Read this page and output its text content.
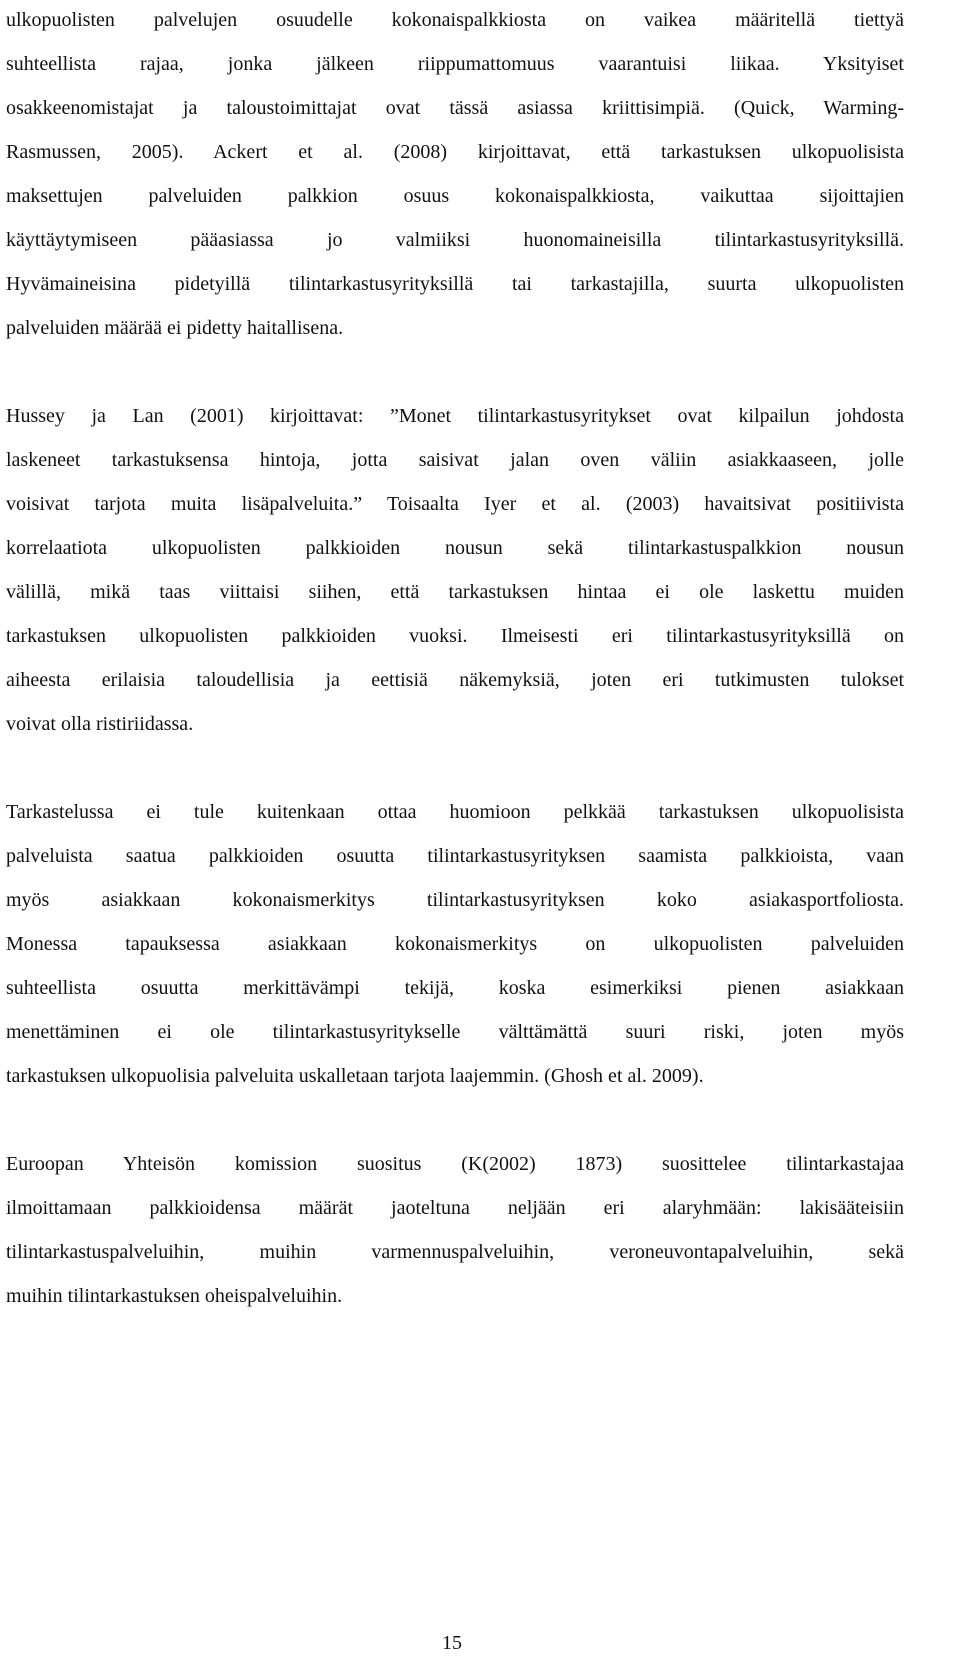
ulkopuolisten palvelujen osuudelle kokonaispalkkiosta on vaikea määritellä tiettyä
suhteellista rajaa, jonka jälkeen riippumattomuus vaarantuisi liikaa. Yksityiset
osakkeenomistajat ja taloustoimittajat ovat tässä asiassa kriittisimpiä. (Quick, Warming-
Rasmussen, 2005). Ackert et al. (2008) kirjoittavat, että tarkastuksen ulkopuolisista
maksettujen palveluiden palkkion osuus kokonaispalkkiosta, vaikuttaa sijoittajien
käyttäytymiseen pääasiassa jo valmiiksi huonomaineisilla tilintarkastusyrityksillä.
Hyvämaineisina pidetyillä tilintarkastusyrityksillä tai tarkastajilla, suurta ulkopuolisten
palveluiden määrää ei pidetty haitallisena.

Hussey ja Lan (2001) kirjoittavat: ”Monet tilintarkastusyritykset ovat kilpailun johdosta
laskeneet tarkastuksensa hintoja, jotta saisivat jalan oven väliin asiakkaaseen, jolle
voisivat tarjota muita lisäpalveluita.” Toisaalta Iyer et al. (2003) havaitsivat positiivista
korrelaatiota ulkopuolisten palkkioiden nousun sekä tilintarkastuspalkkion nousun
välillä, mikä taas viittaisi siihen, että tarkastuksen hintaa ei ole laskettu muiden
tarkastuksen ulkopuolisten palkkioiden vuoksi. Ilmeisesti eri tilintarkastusyrityksillä on
aiheesta erilaisia taloudellisia ja eettisiä näkemyksiä, joten eri tutkimusten tulokset
voivat olla ristiriidassa.

Tarkastelussa ei tule kuitenkaan ottaa huomioon pelkkää tarkastuksen ulkopuolisista
palveluista saatua palkkioiden osuutta tilintarkastusyrityksen saamista palkkioista, vaan
myös asiakkaan kokonaismerkitys tilintarkastusyrityksen koko asiakasportfoliosta.
Monessa tapauksessa asiakkaan kokonaismerkitys on ulkopuolisten palveluiden
suhteellista osuutta merkittävämpi tekijä, koska esimerkiksi pienen asiakkaan
menettäminen ei ole tilintarkastusyritykselle välttämättä suuri riski, joten myös
tarkastuksen ulkopuolisia palveluita uskalletaan tarjota laajemmin. (Ghosh et al. 2009).

Euroopan Yhteisön komission suositus (K(2002) 1873) suosittelee tilintarkastajaa
ilmoittamaan palkkioidensa määrät jaoteltuna neljään eri alaryhmään: lakisääteisiin
tilintarkastuspalveluihin, muihin varmennuspalveluihin, veroneuvontapalveluihin, sekä
muihin tilintarkastuksen oheispalveluihin.

15
